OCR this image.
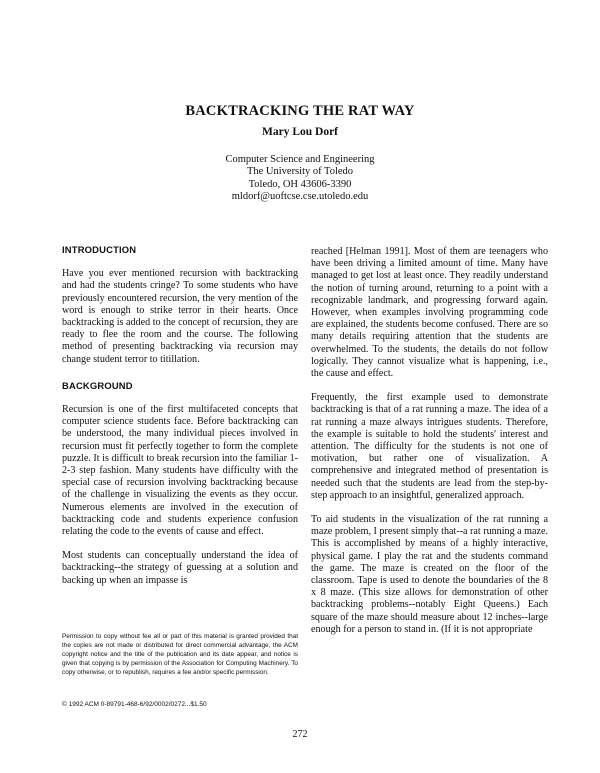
BACKTRACKING THE RAT WAY
Mary Lou Dorf
Computer Science and Engineering
The University of Toledo
Toledo, OH 43606-3390
mldorf@uoftcse.cse.utoledo.edu
INTRODUCTION

Have you ever mentioned recursion with backtracking and had the students cringe? To some students who have previously encountered recursion, the very mention of the word is enough to strike terror in their hearts. Once backtracking is added to the concept of recursion, they are ready to flee the room and the course. The following method of presenting backtracking via recursion may change student terror to titillation.

BACKGROUND

Recursion is one of the first multifaceted concepts that computer science students face. Before backtracking can be understood, the many individual pieces involved in recursion must fit perfectly together to form the complete puzzle. It is difficult to break recursion into the familiar 1-2-3 step fashion. Many students have difficulty with the special case of recursion involving backtracking because of the challenge in visualizing the events as they occur. Numerous elements are involved in the execution of backtracking code and students experience confusion relating the code to the events of cause and effect.

Most students can conceptually understand the idea of backtracking--the strategy of guessing at a solution and backing up when an impasse is

reached [Helman 1991]. Most of them are teenagers who have been driving a limited amount of time. Many have managed to get lost at least once. They readily understand the notion of turning around, returning to a point with a recognizable landmark, and progressing forward again. However, when examples involving programming code are explained, the students become confused. There are so many details requiring attention that the students are overwhelmed. To the students, the details do not follow logically. They cannot visualize what is happening, i.e., the cause and effect.

Frequently, the first example used to demonstrate backtracking is that of a rat running a maze. The idea of a rat running a maze always intrigues students. Therefore, the example is suitable to hold the students' interest and attention. The difficulty for the students is not one of motivation, but rather one of visualization. A comprehensive and integrated method of presentation is needed such that the students are lead from the step-by-step approach to an insightful, generalized approach.

To aid students in the visualization of the rat running a maze problem, I present simply that--a rat running a maze. This is accomplished by means of a highly interactive, physical game. I play the rat and the students command the game. The maze is created on the floor of the classroom. Tape is used to denote the boundaries of the 8 x 8 maze. (This size allows for demonstration of other backtracking problems--notably Eight Queens.) Each square of the maze should measure about 12 inches--large enough for a person to stand in. (If it is not appropriate

Permission to copy without fee all or part of this material is granted provided that the copies are not made or distributed for direct commercial advantage, the ACM copyright notice and the title of the publication and its date appear, and notice is given that copying is by permission of the Association for Computing Machinery. To copy otherwise, or to republish, requires a fee and/or specific permission.
© 1992 ACM 0-89791-468-6/92/0002/0272...$1.50
272
